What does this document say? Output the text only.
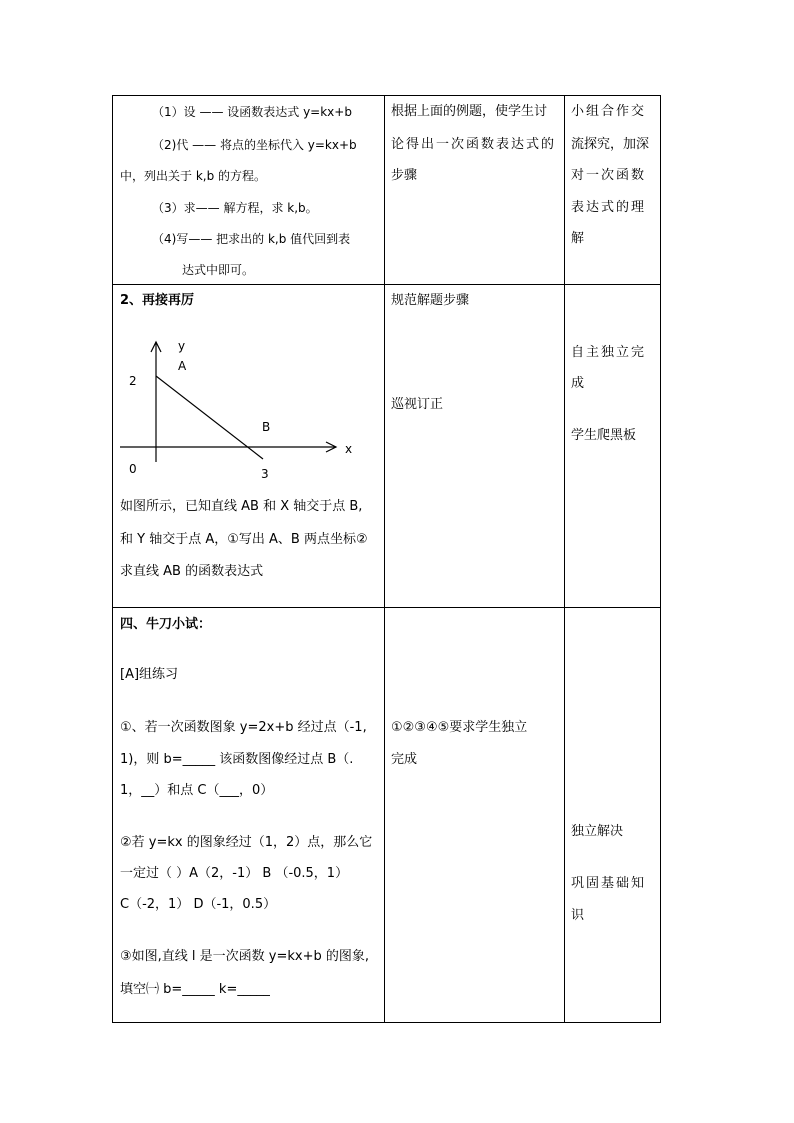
（1）设 —— 设函数表达式 y=kx+b
（2)代 —— 将点的坐标代入 y=kx+b
中，列出关于 k,b 的方程。
（3）求—— 解方程，求 k,b。
（4)写—— 把求出的 k,b 值代回到表
达式中即可。
根据上面的例题，使学生讨
论得出一次函数表达式的
步骤
小组合作交
流探究，加深
对一次函数
表达式的理
解
2、再接再厉
y
A
2
B
x
0	3
如图所示，已知直线 AB 和 X 轴交于点 B,
和 Y 轴交于点 A，①写出 A、B 两点坐标②
求直线 AB 的函数表达式
规范解题步骤
巡视订正
自主独立完
成
学生爬黑板
四、牛刀小试：
[A]组练习
①、若一次函数图象 y=2x+b 经过点（-1,
1)，则 b=_____ 该函数图像经过点 B（.
1，__）和点 C（___，0）
②若 y=kx 的图象经过（1，2）点，那么它
一定过（ ）A（2，-1） B （-0.5，1）
C（-2，1） D（-1，0.5）
③如图,直线 l 是一次函数 y=kx+b 的图象,
填空㈠ b=_____ k=_____
①②③④⑤要求学生独立
完成
独立解决
巩固基础知
识
